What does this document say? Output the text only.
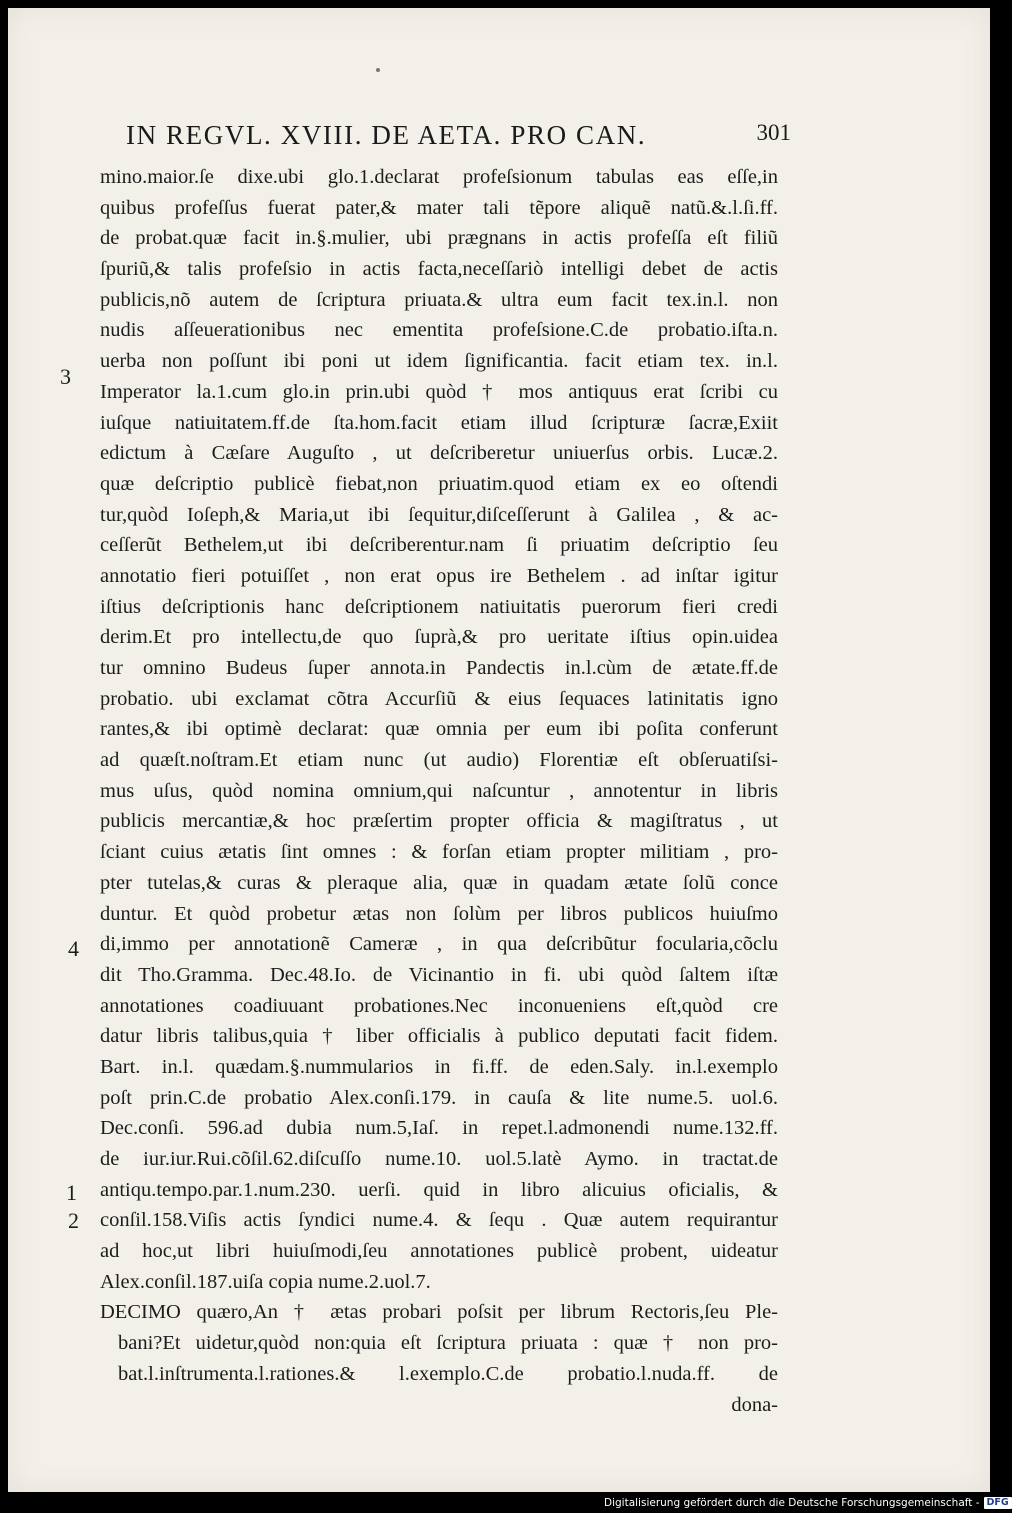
IN REGVL. XVIII. DE AETA. PRO CAN.	301
3
4
1
2
mino.maior.ſe dixe.ubi glo.1.declarat profeſsionum tabulas eas eſſe,in
quibus profeſſus fuerat pater,& mater tali tẽpore aliquẽ natũ.&.l.ſi.ff.
de probat.quæ facit in.§.mulier, ubi prægnans in actis profeſſa eſt filiũ
ſpuriũ,& talis profeſsio in actis facta,neceſſariò intelligi debet de actis
publicis,nõ autem de ſcriptura priuata.& ultra eum facit tex.in.l. non
nudis aſſeuerationibus nec ementita profeſsione.C.de probatio.iſta.n.
uerba non poſſunt ibi poni ut idem ſignificantia. facit etiam tex. in.l.
Imperator la.1.cum glo.in prin.ubi quòd † mos antiquus erat ſcribi cu
iuſque natiuitatem.ff.de ſta.hom.facit etiam illud ſcripturæ ſacræ,Exiit
edictum à Cæſare Auguſto , ut deſcriberetur uniuerſus orbis. Lucæ.2.
quæ deſcriptio publicè fiebat,non priuatim.quod etiam ex eo oſtendi
tur,quòd Ioſeph,& Maria,ut ibi ſequitur,diſceſſerunt à Galilea , & ac-
ceſſerũt Bethelem,ut ibi deſcriberentur.nam ſi priuatim deſcriptio ſeu
annotatio fieri potuiſſet , non erat opus ire Bethelem . ad inſtar igitur
iſtius deſcriptionis hanc deſcriptionem natiuitatis puerorum fieri credi
derim.Et pro intellectu,de quo ſuprà,& pro ueritate iſtius opin.uidea
tur omnino Budeus ſuper annota.in Pandectis in.l.cùm de ætate.ff.de
probatio. ubi exclamat cõtra Accurſiũ & eius ſequaces latinitatis igno
rantes,& ibi optimè declarat: quæ omnia per eum ibi poſita conferunt
ad quæſt.noſtram.Et etiam nunc (ut audio) Florentiæ eſt obſeruatiſsi-
mus uſus, quòd nomina omnium,qui naſcuntur , annotentur in libris
publicis mercantiæ,& hoc præſertim propter officia & magiſtratus , ut
ſciant cuius ætatis ſint omnes : & forſan etiam propter militiam , pro-
pter tutelas,& curas & pleraque alia, quæ in quadam ætate ſolũ conce
duntur. Et quòd probetur ætas non ſolùm per libros publicos huiuſmo
di,immo per annotationẽ Cameræ , in qua deſcribũtur focularia,cõclu
dit Tho.Gramma. Dec.48.Io. de Vicinantio in fi. ubi quòd ſaltem iſtæ
annotationes coadiuuant probationes.Nec inconueniens eſt,quòd cre
datur libris talibus,quia † liber officialis à publico deputati facit fidem.
Bart. in.l. quædam.§.nummularios in fi.ff. de eden.Saly. in.l.exemplo
poſt prin.C.de probatio Alex.conſi.179. in cauſa & lite nume.5. uol.6.
Dec.conſi. 596.ad dubia num.5,Iaſ. in repet.l.admonendi nume.132.ff.
de iur.iur.Rui.cõſil.62.diſcuſſo nume.10. uol.5.latè Aymo. in tractat.de
antiqu.tempo.par.1.num.230. uerſi. quid in libro alicuius oficialis, &
conſil.158.Viſis actis ſyndici nume.4. & ſequ . Quæ autem requirantur
ad hoc,ut libri huiuſmodi,ſeu annotationes publicè probent, uideatur
Alex.conſil.187.uiſa copia nume.2.uol.7.
DECIMO quæro,An † ætas probari poſsit per librum Rectoris,ſeu Ple-
bani?Et uidetur,quòd non:quia eſt ſcriptura priuata : quæ † non pro-
bat.l.inſtrumenta.l.rationes.& l.exemplo.C.de probatio.l.nuda.ff. de
dona-
Digitalisierung gefördert durch die Deutsche Forschungsgemeinschaft - DFG
